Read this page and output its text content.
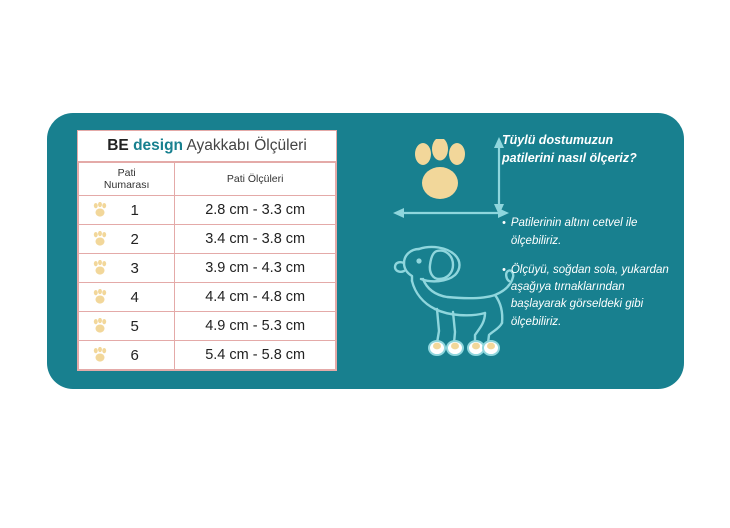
BE design Ayakkabı Ölçüleri
Pati
Numarası	Pati Ölçüleri

1	2.8 cm - 3.3 cm

2	3.4 cm - 3.8 cm

3	3.9 cm - 4.3 cm

4	4.4 cm - 4.8 cm

5	4.9 cm - 5.3 cm

6	5.4 cm - 5.8 cm
Tüylü dostumuzun
patilerini nasıl ölçeriz?
• Patilerinin altını cetvel ile ölçebiliriz.
• Ölçüyü, soğdan sola, yukardan aşağıya tırnaklarından başlayarak görseldeki gibi ölçebiliriz.
